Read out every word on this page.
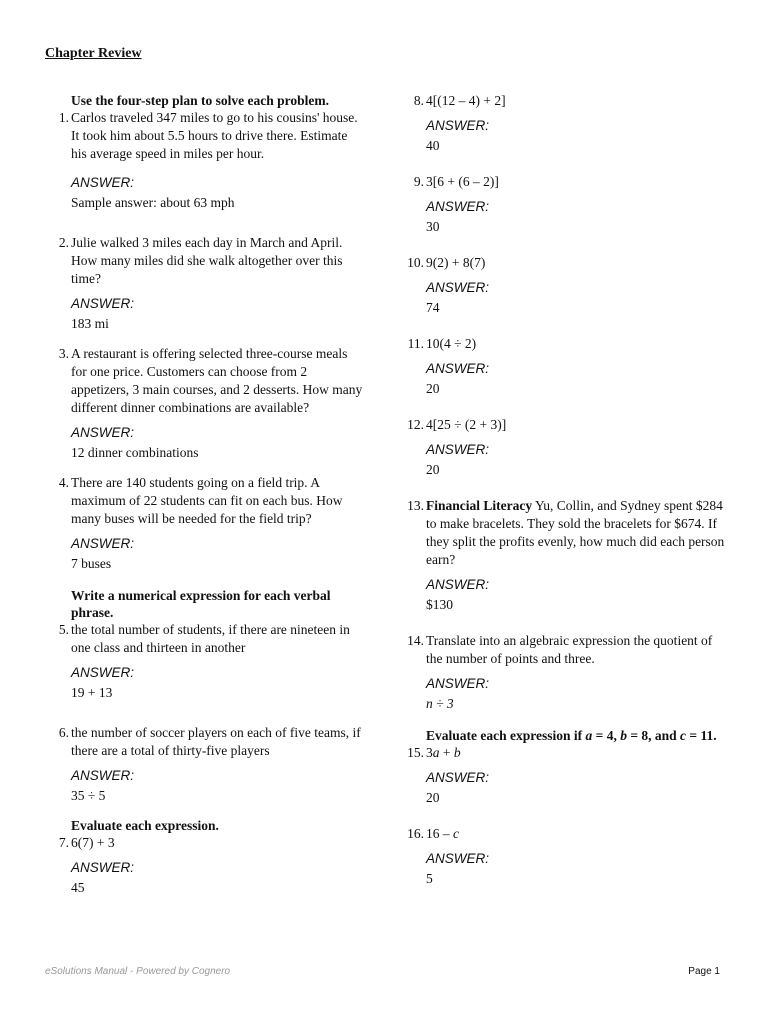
Chapter Review
Use the four-step plan to solve each problem.
1. Carlos traveled 347 miles to go to his cousins' house. It took him about 5.5 hours to drive there. Estimate his average speed in miles per hour.
ANSWER:
Sample answer: about 63 mph
2. Julie walked 3 miles each day in March and April. How many miles did she walk altogether over this time?
ANSWER:
183 mi
3. A restaurant is offering selected three-course meals for one price. Customers can choose from 2 appetizers, 3 main courses, and 2 desserts. How many different dinner combinations are available?
ANSWER:
12 dinner combinations
4. There are 140 students going on a field trip. A maximum of 22 students can fit on each bus. How many buses will be needed for the field trip?
ANSWER:
7 buses
Write a numerical expression for each verbal phrase.
5. the total number of students, if there are nineteen in one class and thirteen in another
ANSWER:
19 + 13
6. the number of soccer players on each of five teams, if there are a total of thirty-five players
ANSWER:
35 ÷ 5
Evaluate each expression.
7. 6(7) + 3
ANSWER:
45
8. 4[(12 – 4) + 2]
ANSWER:
40
9. 3[6 + (6 – 2)]
ANSWER:
30
10. 9(2) + 8(7)
ANSWER:
74
11. 10(4 ÷ 2)
ANSWER:
20
12. 4[25 ÷ (2 + 3)]
ANSWER:
20
13. Financial Literacy Yu, Collin, and Sydney spent $284 to make bracelets. They sold the bracelets for $674. If they split the profits evenly, how much did each person earn?
ANSWER:
$130
14. Translate into an algebraic expression the quotient of the number of points and three.
ANSWER:
n ÷ 3
Evaluate each expression if a = 4, b = 8, and c = 11.
15. 3a + b
ANSWER:
20
16. 16 – c
ANSWER:
5
eSolutions Manual - Powered by Cognero	Page 1
